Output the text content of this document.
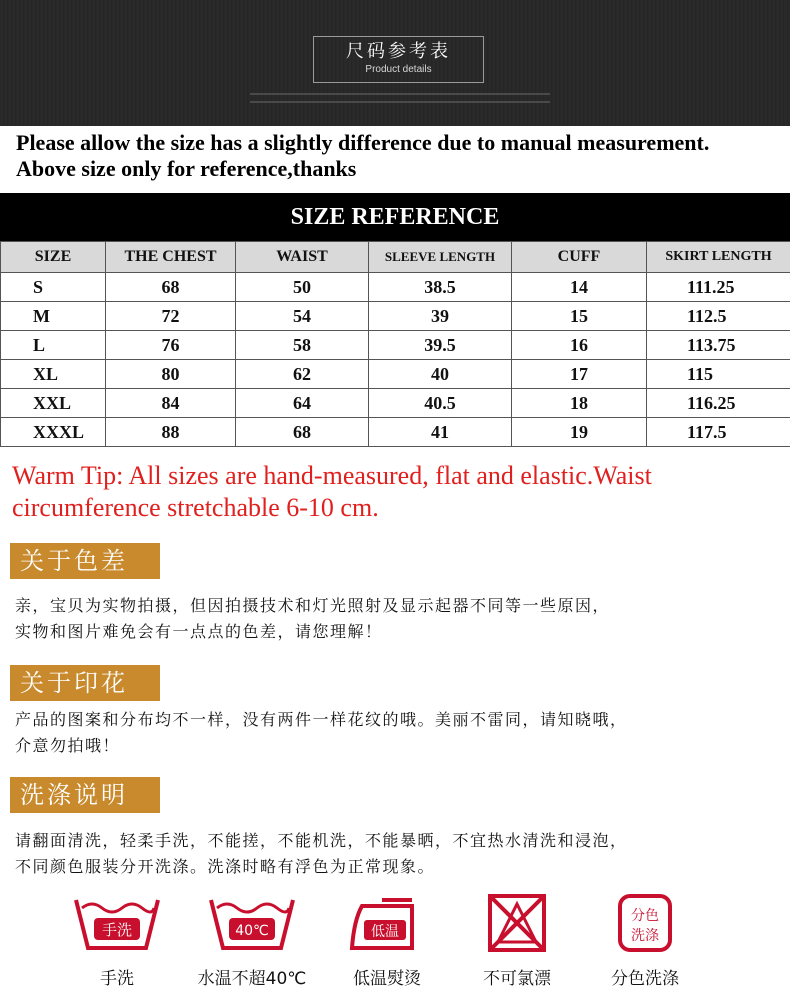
尺码参考表
Product details
Please allow the size has a slightly difference due to manual measurement.
Above size only for reference,thanks
SIZE REFERENCE
SIZE	THE CHEST	WAIST	SLEEVE LENGTH	CUFF	SKIRT LENGTH
S	68	50	38.5	14	111.25
M	72	54	39	15	112.5
L	76	58	39.5	16	113.75
XL	80	62	40	17	115
XXL	84	64	40.5	18	116.25
XXXL	88	68	41	19	117.5
Warm Tip: All sizes are hand-measured, flat and elastic.Waist circumference stretchable 6-10 cm.
关于色差
亲，宝贝为实物拍摄，但因拍摄技术和灯光照射及显示起器不同等一些原因，
实物和图片难免会有一点点的色差，请您理解！
关于印花
产品的图案和分布均不一样，没有两件一样花纹的哦。美丽不雷同，请知晓哦，
介意勿拍哦！
洗涤说明
请翻面清洗，轻柔手洗，不能搓，不能机洗，不能暴晒，不宜热水清洗和浸泡，
不同颜色服装分开洗涤。洗涤时略有浮色为正常现象。
手洗
手洗
40℃
水温不超40℃
低温
低温熨烫	不可氯漂
分色
洗涤
分色洗涤
